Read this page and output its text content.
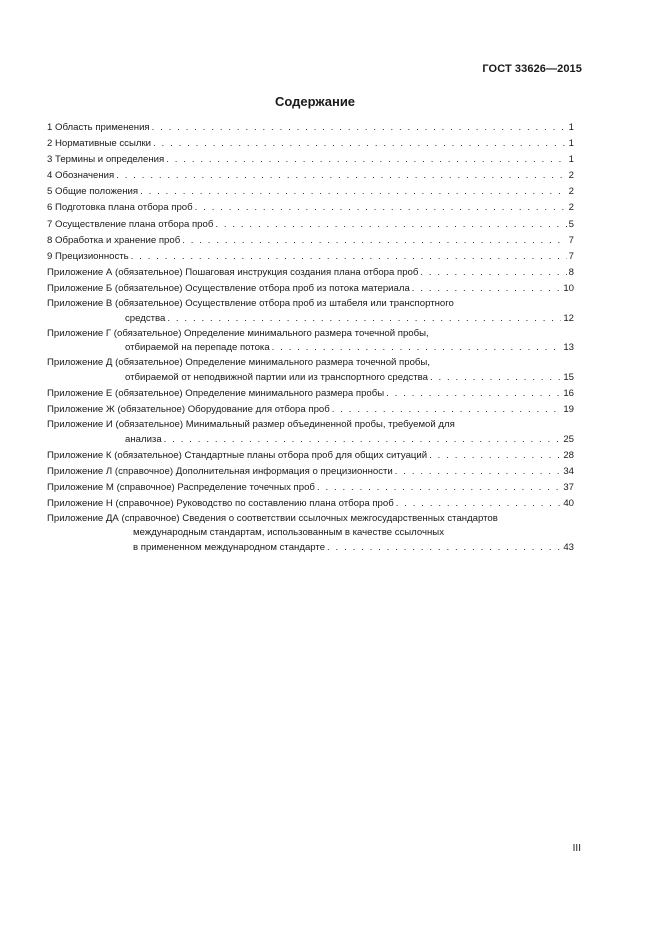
ГОСТ 33626—2015
Содержание
1 Область применения . . .	1
2 Нормативные ссылки . . .	1
3 Термины и определения . . .	1
4 Обозначения . . .	2
5 Общие положения . . .	2
6 Подготовка плана отбора проб . . .	2
7 Осуществление плана отбора проб . . .	5
8 Обработка и хранение проб . . .	7
9 Прецизионность . . .	7
Приложение А (обязательное) Пошаговая инструкция создания плана отбора проб . . .	8
Приложение Б (обязательное) Осуществление отбора проб из потока материала . . .	10
Приложение В (обязательное) Осуществление отбора проб из штабеля или транспортного
средства . . .	12
Приложение Г (обязательное) Определение минимального размера точечной пробы,
отбираемой на перепаде потока . . .	13
Приложение Д (обязательное) Определение минимального размера точечной пробы,
отбираемой от неподвижной партии или из транспортного средства . . .	15
Приложение Е (обязательное) Определение минимального размера пробы . . .	16
Приложение Ж (обязательное) Оборудование для отбора проб . . .	19
Приложение И (обязательное) Минимальный размер объединенной пробы, требуемой для
анализа . . .	25
Приложение К (обязательное) Стандартные планы отбора проб для общих ситуаций . . .	28
Приложение Л (справочное) Дополнительная информация о прецизионности . . .	34
Приложение М (справочное) Распределение точечных проб . . .	37
Приложение Н (справочное) Руководство по составлению плана отбора проб . . .	40
Приложение ДА (справочное) Сведения о соответствии ссылочных межгосударственных стандартов
международным стандартам, использованным в качестве ссылочных
в примененном международном стандарте . . .	43
III
